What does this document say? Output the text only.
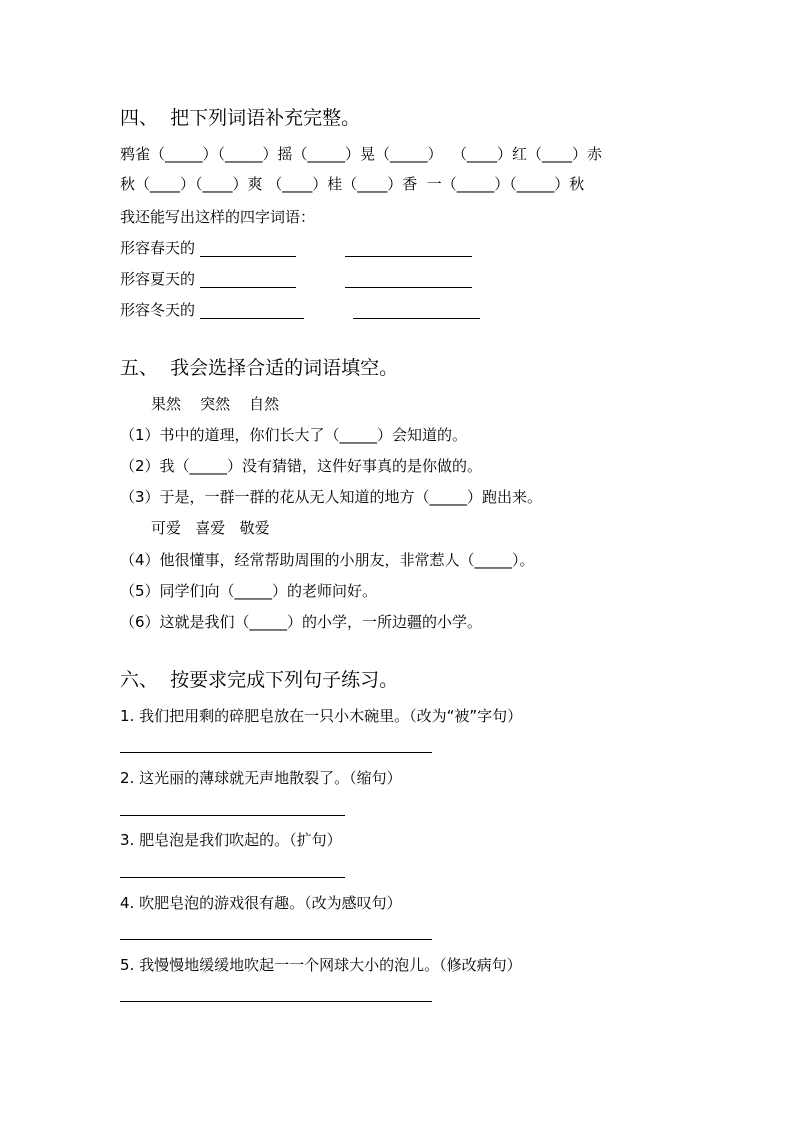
四、  把下列词语补充完整。
鸦雀（_____）（_____）摇（_____）晃（_____）  （____）红（____）赤
秋（____）（____）爽 （____）桂（____）香  一（_____）（_____）秋
我还能写出这样的四字词语：
形容春天的
形容夏天的
形容冬天的
五、  我会选择合适的词语填空。
果然    突然    自然
（1）书中的道理，你们长大了（_____）会知道的。
（2）我（_____）没有猜错，这件好事真的是你做的。
（3）于是，一群一群的花从无人知道的地方（_____）跑出来。
可爱   喜爱   敬爱
（4）他很懂事，经常帮助周围的小朋友，非常惹人（_____）。
（5）同学们向（_____）的老师问好。
（6）这就是我们（_____）的小学，一所边疆的小学。
六、  按要求完成下列句子练习。
1. 我们把用剩的碎肥皂放在一只小木碗里。（改为“被”字句）
2. 这光丽的薄球就无声地散裂了。（缩句）
3. 肥皂泡是我们吹起的。（扩句）
4. 吹肥皂泡的游戏很有趣。（改为感叹句）
5. 我慢慢地缓缓地吹起一一个网球大小的泡儿。（修改病句）
